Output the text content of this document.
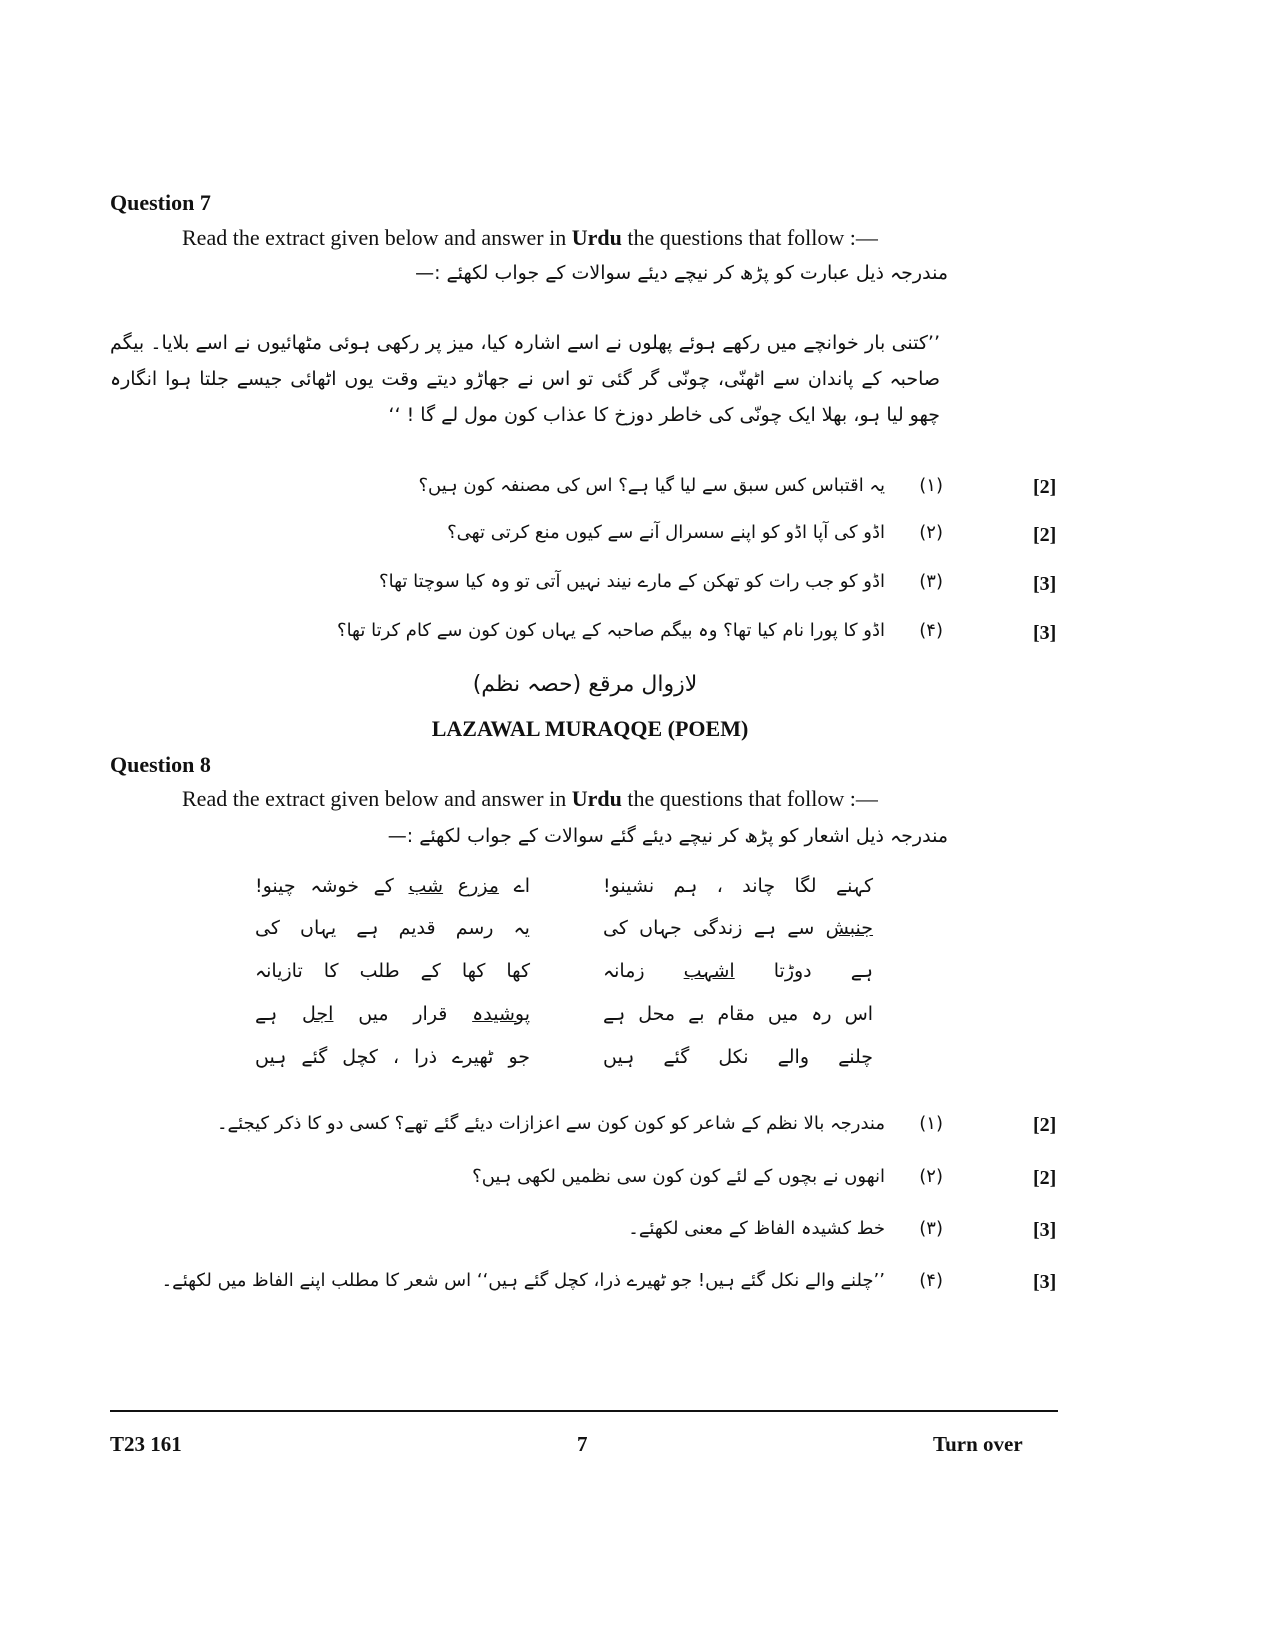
Question 7
Read the extract given below and answer in Urdu the questions that follow :—
مندرجہ ذیل عبارت کو پڑھ کر نیچے دیئے سوالات کے جواب لکھئے :—
’’کتنی بار خوانچے میں رکھے ہوئے پھلوں نے اسے اشارہ کیا، میز پر رکھی ہوئی مٹھائیوں نے اسے بلایا۔ بیگم صاحبہ کے پاندان سے اٹھنّی، چونّی گر گئی تو اس نے جھاڑو دیتے وقت یوں اٹھائی جیسے جلتا ہوا انگارہ چھو لیا ہو، بھلا ایک چونّی کی خاطر دوزخ کا عذاب کون مول لے گا ! ‘‘
(۱)یہ اقتباس کس سبق سے لیا گیا ہے؟ اس کی مصنفہ کون ہیں؟	[2]
(۲)اڈو کی آپا اڈو کو اپنے سسرال آنے سے کیوں منع کرتی تھی؟	[2]
(۳)اڈو کو جب رات کو تھکن کے مارے نیند نہیں آتی تو وہ کیا سوچتا تھا؟	[3]
(۴)اڈو کا پورا نام کیا تھا؟ وہ بیگم صاحبہ کے یہاں کون کون سے کام کرتا تھا؟	[3]
لازوال مرقع (حصہ نظم)
LAZAWAL MURAQQE (POEM)
Question 8
Read the extract given below and answer in Urdu the questions that follow :—
مندرجہ ذیل اشعار کو پڑھ کر نیچے دیئے گئے سوالات کے جواب لکھئے :—
کہنے لگا چاند ، ہم نشینو!
اے مزرع شب کے خوشہ چینو!
جنبش سے ہے زندگی جہاں کی
یہ رسم قدیم ہے یہاں کی
ہے دوڑتا اشہب زمانہ
کھا کھا کے طلب کا تازیانہ
اس رہ میں مقام بے محل ہے
پوشیدہ قرار میں اجل ہے
چلنے والے نکل گئے ہیں
جو ٹھیرے ذرا ، کچل گئے ہیں
(۱)مندرجہ بالا نظم کے شاعر کو کون کون سے اعزازات دیئے گئے تھے؟ کسی دو کا ذکر کیجئے۔	[2]
(۲)انھوں نے بچوں کے لئے کون کون سی نظمیں لکھی ہیں؟	[2]
(۳)خط کشیدہ الفاظ کے معنی لکھئے۔	[3]
(۴)’’چلنے والے نکل گئے ہیں! جو ٹھیرے ذرا، کچل گئے ہیں‘‘ اس شعر کا مطلب اپنے الفاظ میں لکھئے۔	[3]
T23 161	7	Turn over
